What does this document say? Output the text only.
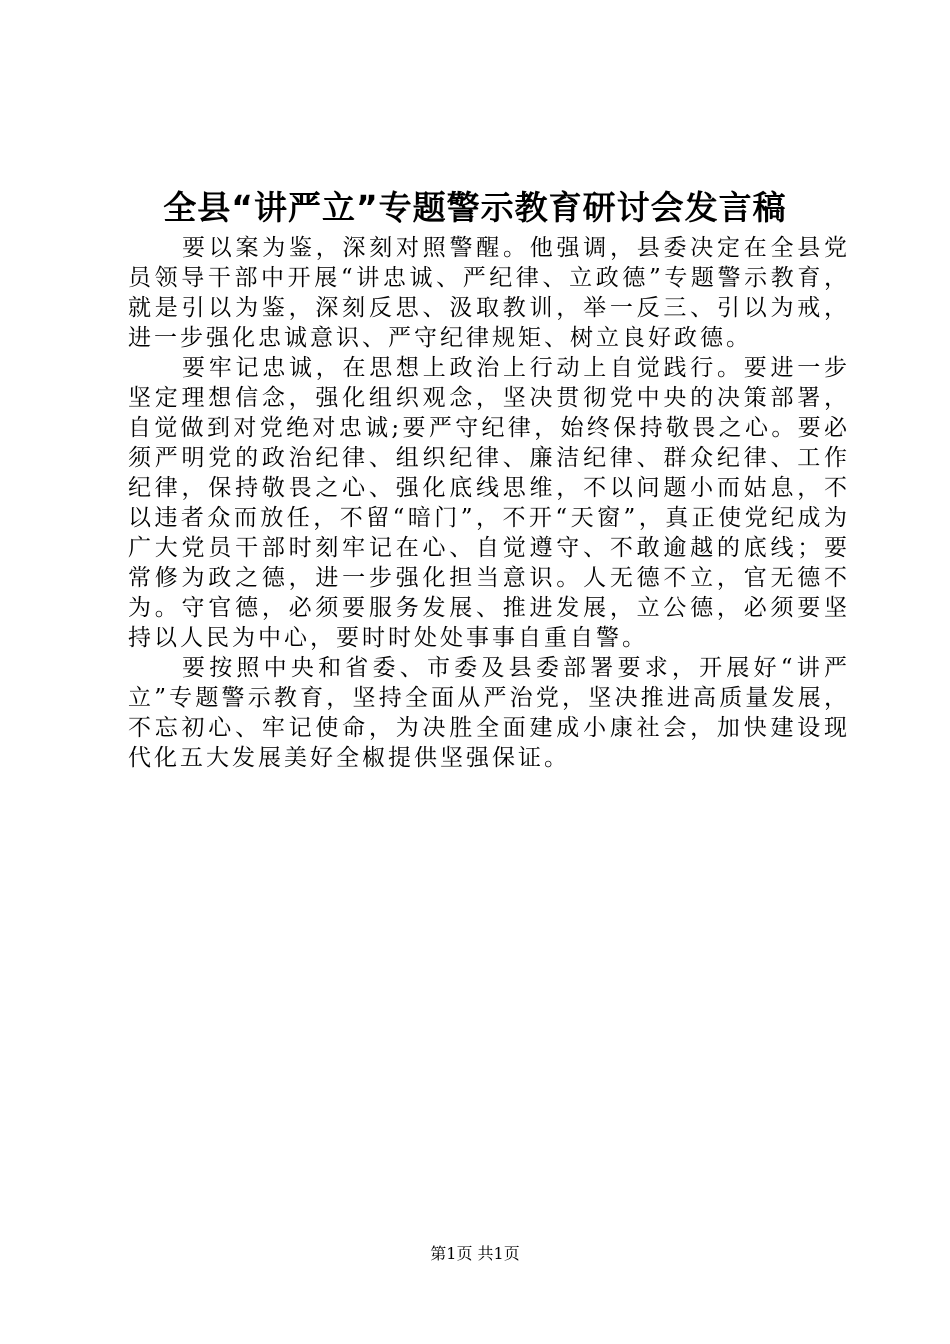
全县“讲严立”专题警示教育研讨会发言稿

要以案为鉴，深刻对照警醒。他强调，县委决定在全县党员领导干部中开展“讲忠诚、严纪律、立政德”专题警示教育，就是引以为鉴，深刻反思、汲取教训，举一反三、引以为戒，进一步强化忠诚意识、严守纪律规矩、树立良好政德。

要牢记忠诚，在思想上政治上行动上自觉践行。要进一步坚定理想信念，强化组织观念，坚决贯彻党中央的决策部署，自觉做到对党绝对忠诚;要严守纪律，始终保持敬畏之心。要必须严明党的政治纪律、组织纪律、廉洁纪律、群众纪律、工作纪律，保持敬畏之心、强化底线思维，不以问题小而姑息，不以违者众而放任，不留“暗门”，不开“天窗”，真正使党纪成为广大党员干部时刻牢记在心、自觉遵守、不敢逾越的底线；要常修为政之德，进一步强化担当意识。人无德不立，官无德不为。守官德，必须要服务发展、推进发展，立公德，必须要坚持以人民为中心，要时时处处事事自重自警。

要按照中央和省委、市委及县委部署要求，开展好“讲严立”专题警示教育，坚持全面从严治党，坚决推进高质量发展，不忘初心、牢记使命，为决胜全面建成小康社会，加快建设现代化五大发展美好全椒提供坚强保证。

第1页 共1页
